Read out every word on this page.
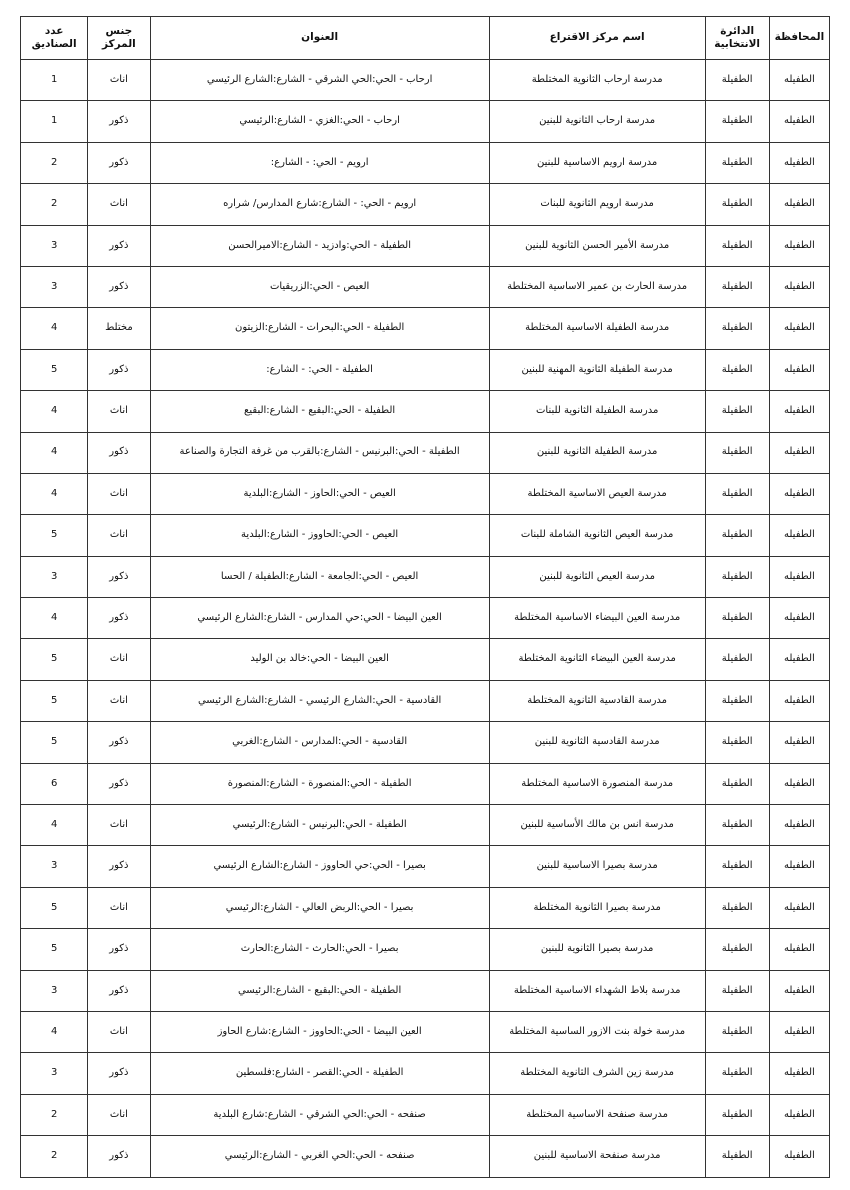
المحافظة	الدائرة الانتخابية	اسم مركز الاقتراع	العنوان	جنس المركز	عدد الصناديق
الطفيله	الطفيلة	مدرسة ارحاب الثانوية المختلطة	ارحاب - الحي:الحي الشرقي - الشارع:الشارع الرئيسي	اناث	1
الطفيله	الطفيلة	مدرسة ارحاب الثانوية للبنين	ارحاب - الحي:الغزي - الشارع:الرئيسي	ذكور	1
الطفيله	الطفيلة	مدرسة ارويم الاساسية للبنين	ارويم - الحي: - الشارع:	ذكور	2
الطفيله	الطفيلة	مدرسة ارويم الثانوية للبنات	ارويم - الحي: - الشارع:شارع المدارس/ شراره	اناث	2
الطفيله	الطفيلة	مدرسة الأمير الحسن الثانوية للبنين	الطفيلة - الحي:وادزيد - الشارع:الاميرالحسن	ذكور	3
الطفيله	الطفيلة	مدرسة الحارث بن عمير الاساسية المختلطة	العيص - الحي:الزريقيات	ذكور	3
الطفيله	الطفيلة	مدرسة الطفيلة الاساسية المختلطة	الطفيلة - الحي:البحرات - الشارع:الزيتون	مختلط	4
الطفيله	الطفيلة	مدرسة الطفيلة الثانوية المهنية للبنين	الطفيلة - الحي: - الشارع:	ذكور	5
الطفيله	الطفيلة	مدرسة الطفيلة الثانوية للبنات	الطفيلة - الحي:البقيع - الشارع:البقيع	اناث	4
الطفيله	الطفيلة	مدرسة الطفيلة الثانوية للبنين	الطفيلة - الحي:البرنيس - الشارع:بالقرب من غرفة التجارة والصناعة	ذكور	4
الطفيله	الطفيلة	مدرسة العيص الاساسية المختلطة	العيص - الحي:الحاوز - الشارع:البلدية	اناث	4
الطفيله	الطفيلة	مدرسة العيص الثانوية الشاملة للبنات	العيص - الحي:الحاووز - الشارع:البلدية	اناث	5
الطفيله	الطفيلة	مدرسة العيص الثانوية للبنين	العيص - الحي:الجامعة - الشارع:الطفيلة / الحسا	ذكور	3
الطفيله	الطفيلة	مدرسة العين البيضاء الاساسية المختلطة	العين البيضا - الحي:حي المدارس - الشارع:الشارع الرئيسي	ذكور	4
الطفيله	الطفيلة	مدرسة العين البيضاء الثانوية المختلطة	العين البيضا - الحي:خالد بن الوليد	اناث	5
الطفيله	الطفيلة	مدرسة القادسية الثانوية المختلطة	القادسية - الحي:الشارع الرئيسي - الشارع:الشارع الرئيسي	اناث	5
الطفيله	الطفيلة	مدرسة القادسية الثانوية للبنين	القادسية - الحي:المدارس - الشارع:الغربي	ذكور	5
الطفيله	الطفيلة	مدرسة المنصورة الاساسية المختلطة	الطفيلة - الحي:المنصورة - الشارع:المنصورة	ذكور	6
الطفيله	الطفيلة	مدرسة انس بن مالك الأساسية للبنين	الطفيلة - الحي:البرنيس - الشارع:الرئيسي	اناث	4
الطفيله	الطفيلة	مدرسة بصيرا الاساسية للبنين	بصيرا - الحي:حي الحاووز - الشارع:الشارع الرئيسي	ذكور	3
الطفيله	الطفيلة	مدرسة بصيرا الثانوية المختلطة	بصيرا - الحي:الربض العالي - الشارع:الرئيسي	اناث	5
الطفيله	الطفيلة	مدرسة بصيرا الثانوية للبنين	بصيرا - الحي:الحارث - الشارع:الحارث	ذكور	5
الطفيله	الطفيلة	مدرسة بلاط الشهداء الاساسية المختلطة	الطفيلة - الحي:البقيع - الشارع:الرئيسي	ذكور	3
الطفيله	الطفيلة	مدرسة خولة بنت الازور الساسية المختلطة	العين البيضا - الحي:الحاووز - الشارع:شارع الحاوز	اناث	4
الطفيله	الطفيلة	مدرسة زين الشرف الثانوية المختلطة	الطفيلة - الحي:القصر - الشارع:فلسطين	ذكور	3
الطفيله	الطفيلة	مدرسة صنفحة الاساسية المختلطة	صنفحه - الحي:الحي الشرقي - الشارع:شارع البلدية	اناث	2
الطفيله	الطفيلة	مدرسة صنفحة الاساسية للبنين	صنفحه - الحي:الحي الغربي - الشارع:الرئيسي	ذكور	2
